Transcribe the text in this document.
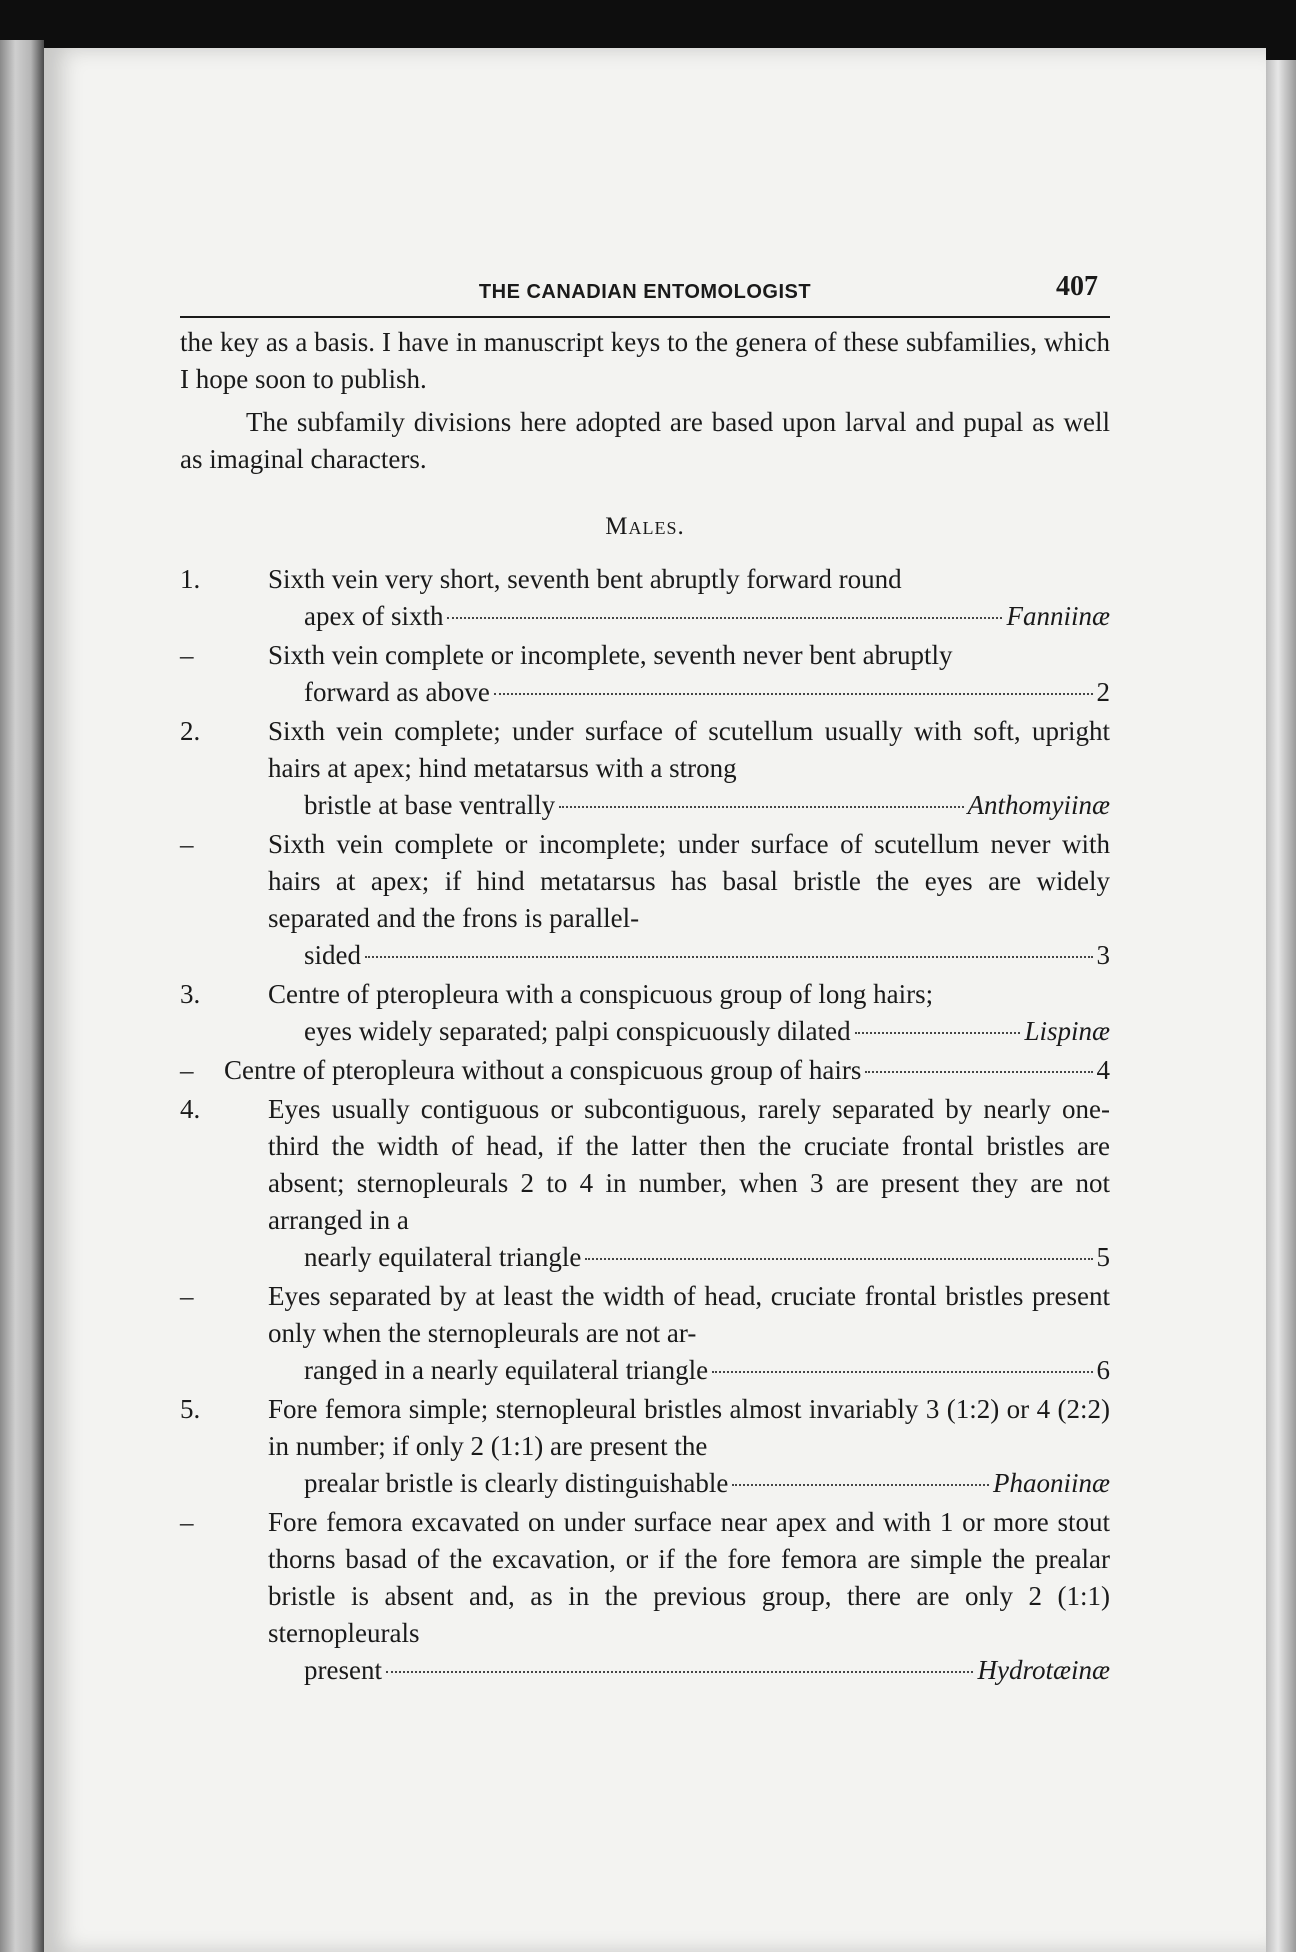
THE CANADIAN ENTOMOLOGIST	407

the key as a basis. I have in manuscript keys to the genera of these subfamilies, which I hope soon to publish.

The subfamily divisions here adopted are based upon larval and pupal as well as imaginal characters.

Males.
1.	Sixth vein very short, seventh bent abruptly forward round
apex of sixth	Fanniinæ
–	Sixth vein complete or incomplete, seventh never bent abruptly
forward as above	2
2.	Sixth vein complete; under surface of scutellum usually with soft, upright hairs at apex; hind metatarsus with a strong
bristle at base ventrally	Anthomyiinæ
–	Sixth vein complete or incomplete; under surface of scutellum never with hairs at apex; if hind metatarsus has basal bristle the eyes are widely separated and the frons is parallel-
sided	3
3.	Centre of pteropleura with a conspicuous group of long hairs;
eyes widely separated; palpi conspicuously dilated	Lispinæ
–	Centre of pteropleura without a conspicuous group of hairs	4
4.	Eyes usually contiguous or subcontiguous, rarely separated by nearly one-third the width of head, if the latter then the cruciate frontal bristles are absent; sternopleurals 2 to 4 in number, when 3 are present they are not arranged in a
nearly equilateral triangle	5
–	Eyes separated by at least the width of head, cruciate frontal bristles present only when the sternopleurals are not ar-
ranged in a nearly equilateral triangle	6
5.	Fore femora simple; sternopleural bristles almost invariably 3 (1:2) or 4 (2:2) in number; if only 2 (1:1) are present the
prealar bristle is clearly distinguishable	Phaoniinæ
–	Fore femora excavated on under surface near apex and with 1 or more stout thorns basad of the excavation, or if the fore femora are simple the prealar bristle is absent and, as in the previous group, there are only 2 (1:1) sternopleurals
present	Hydrotæinæ
